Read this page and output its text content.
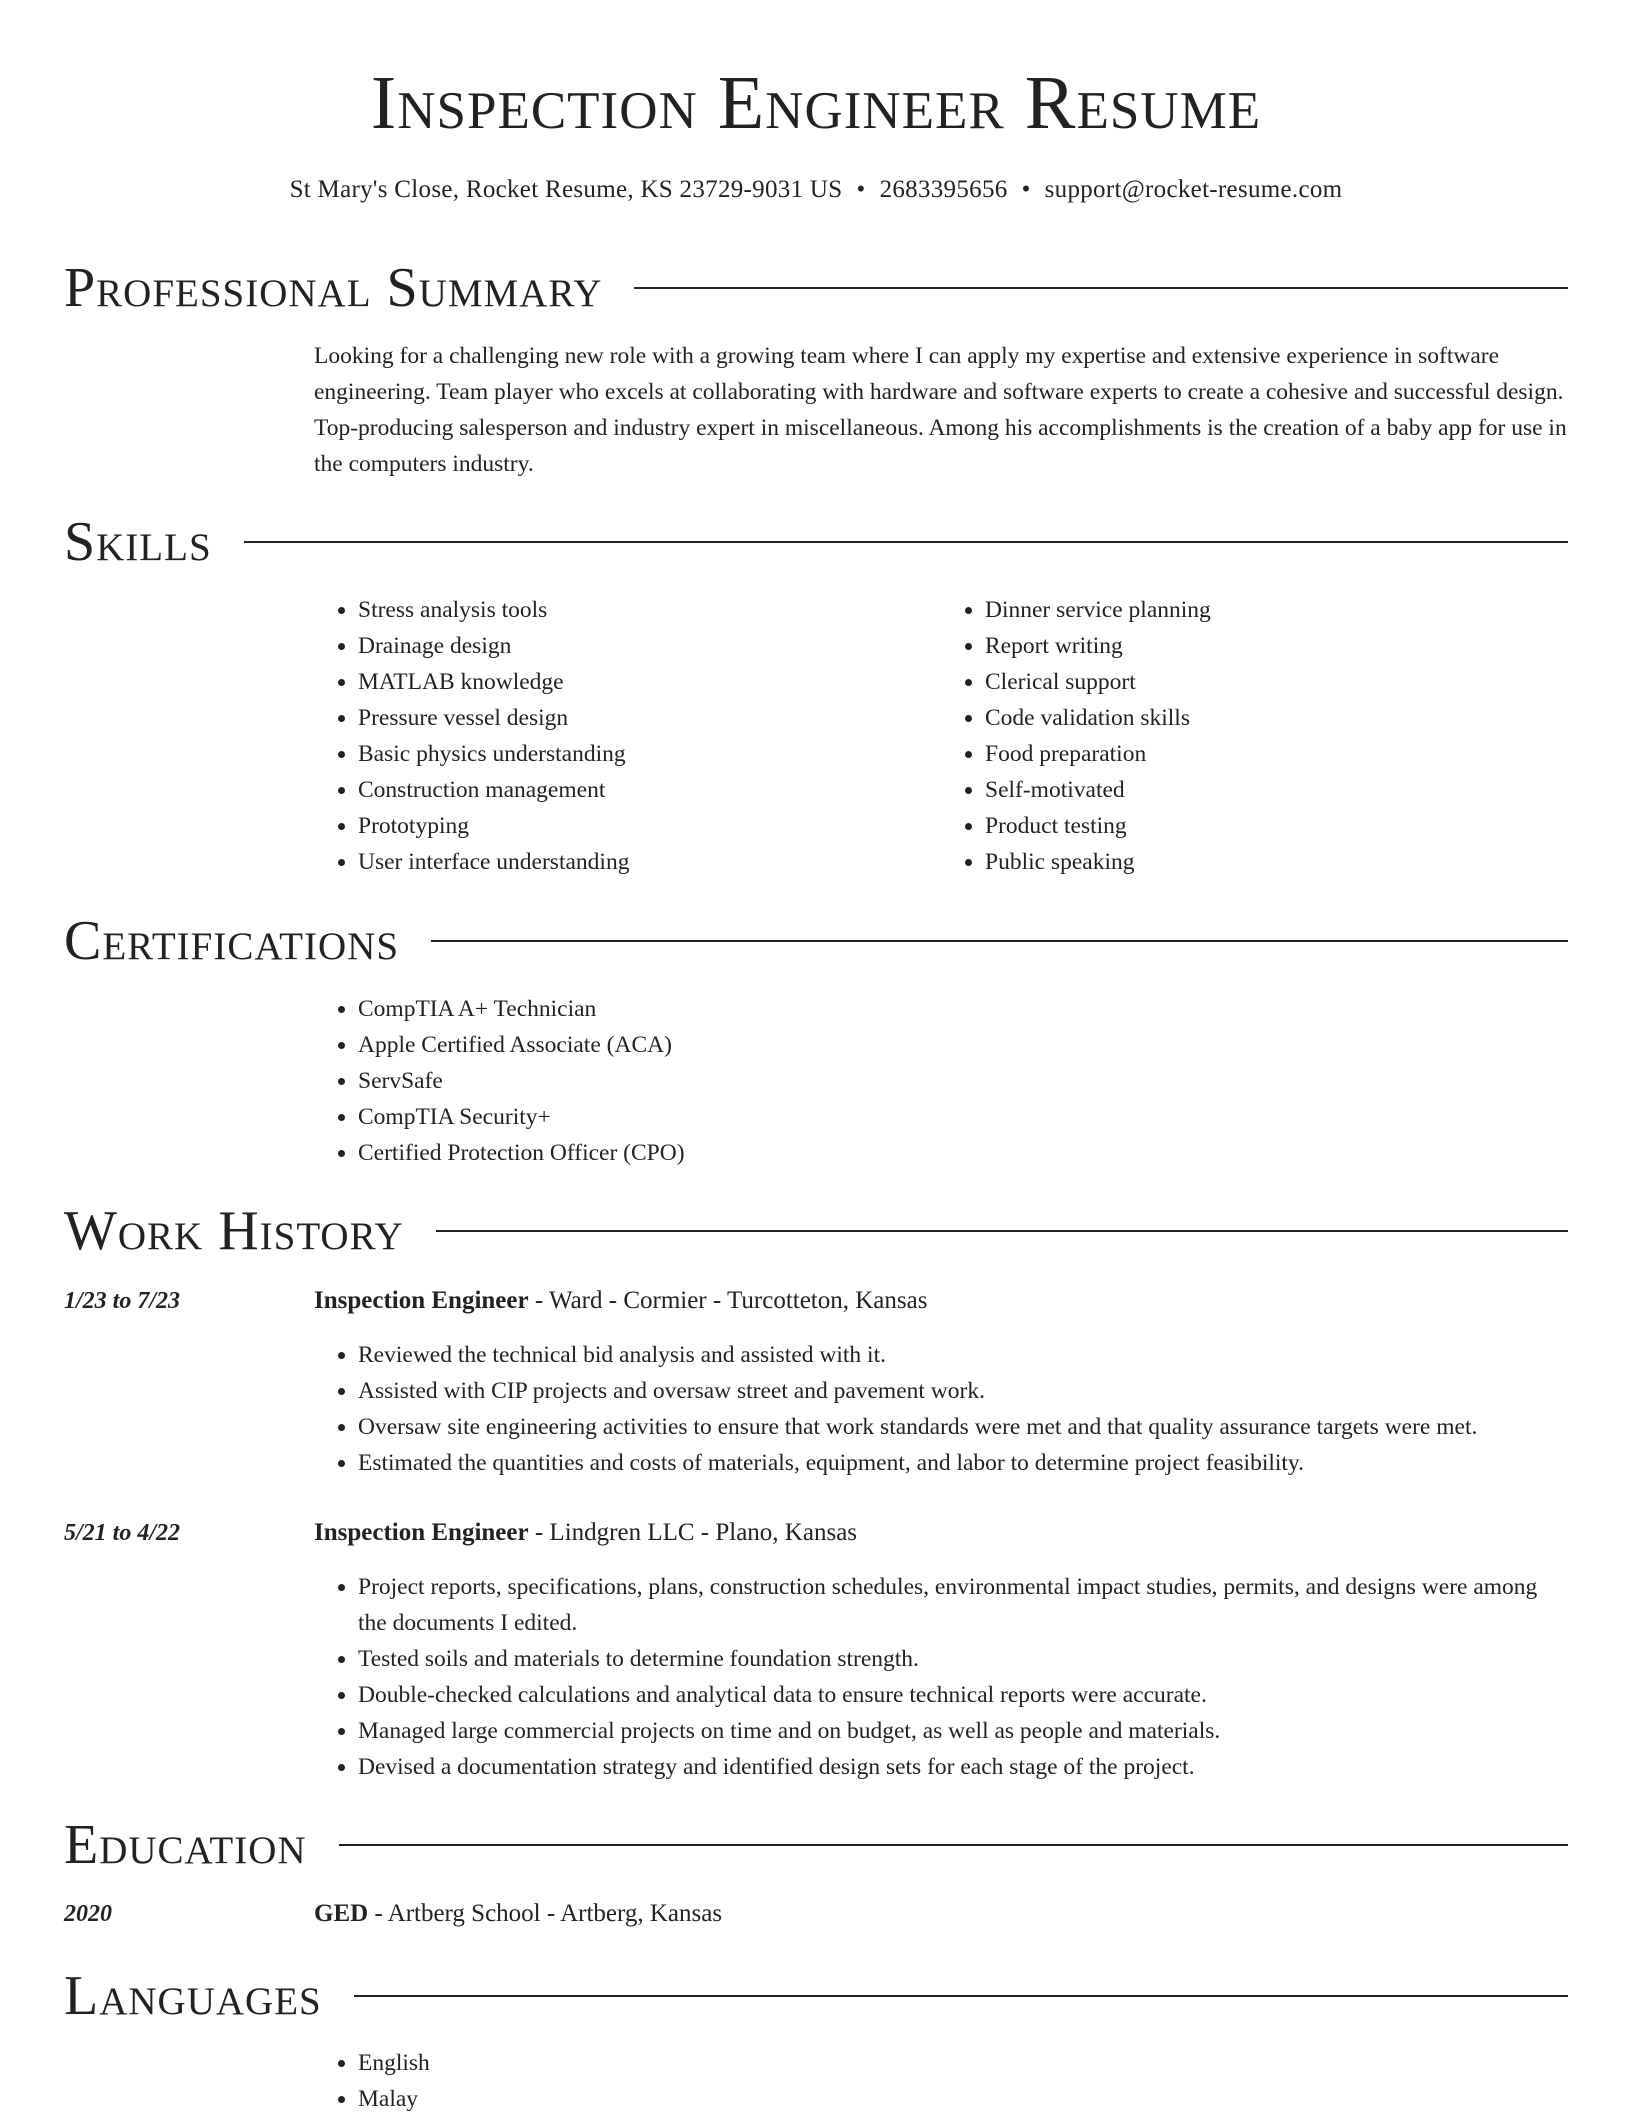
Inspection Engineer Resume
St Mary's Close, Rocket Resume, KS 23729-9031 US • 2683395656 • support@rocket-resume.com
Professional Summary

Looking for a challenging new role with a growing team where I can apply my expertise and extensive experience in software engineering. Team player who excels at collaborating with hardware and software experts to create a cohesive and successful design. Top-producing salesperson and industry expert in miscellaneous. Among his accomplishments is the creation of a baby app for use in the computers industry.

Skills
• Stress analysis tools
• Drainage design
• MATLAB knowledge
• Pressure vessel design
• Basic physics understanding
• Construction management
• Prototyping
• User interface understanding
• Dinner service planning
• Report writing
• Clerical support
• Code validation skills
• Food preparation
• Self-motivated
• Product testing
• Public speaking
Certifications
• CompTIA A+ Technician
• Apple Certified Associate (ACA)
• ServSafe
• CompTIA Security+
• Certified Protection Officer (CPO)
Work History
1/23 to 7/23	Inspection Engineer - Ward - Cormier - Turcotteton, Kansas
• Reviewed the technical bid analysis and assisted with it.
• Assisted with CIP projects and oversaw street and pavement work.
• Oversaw site engineering activities to ensure that work standards were met and that quality assurance targets were met.
• Estimated the quantities and costs of materials, equipment, and labor to determine project feasibility.
5/21 to 4/22	Inspection Engineer - Lindgren LLC - Plano, Kansas
• Project reports, specifications, plans, construction schedules, environmental impact studies, permits, and designs were among the documents I edited.
• Tested soils and materials to determine foundation strength.
• Double-checked calculations and analytical data to ensure technical reports were accurate.
• Managed large commercial projects on time and on budget, as well as people and materials.
• Devised a documentation strategy and identified design sets for each stage of the project.
Education
2020	GED - Artberg School - Artberg, Kansas
Languages
• English
• Malay
